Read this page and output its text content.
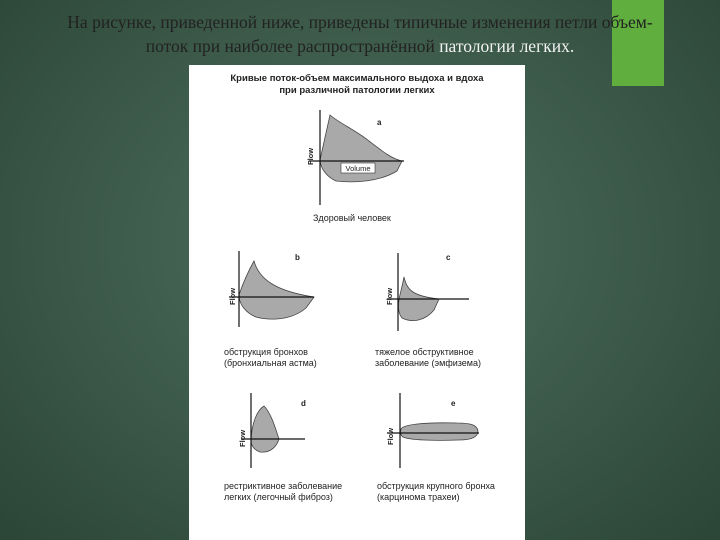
На рисунке, приведенной ниже, приведены типичные изменения петли объем-
поток при наиболее распространённой патологии легких.
Кривые поток-объем максимального выдоха и вдоха
при различной патологии легких
Volume
Flow
Flow	Flow
Flow	Flow
a
b	c
d	e
Здоровый человек
обструкция бронхов
(бронхиальная астма)
тяжелое обструктивное
заболевание (эмфизема)
рестриктивное заболевание
легких (легочный фиброз)
обструкция крупного бронха
(карцинома трахеи)
